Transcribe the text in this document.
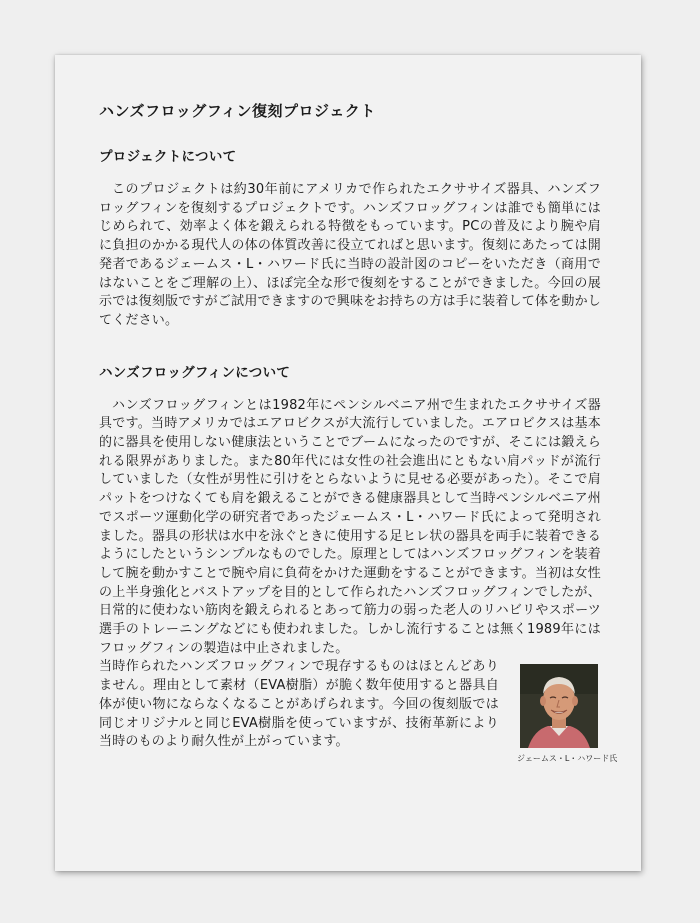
ハンズフロッグフィン復刻プロジェクト
プロジェクトについて

このプロジェクトは約30年前にアメリカで作られたエクササイズ器具、ハンズフロッグフィンを復刻するプロジェクトです。ハンズフロッグフィンは誰でも簡単にはじめられて、効率よく体を鍛えられる特徴をもっています。PCの普及により腕や肩に負担のかかる現代人の体の体質改善に役立てればと思います。復刻にあたっては開発者であるジェームス・L・ハワード氏に当時の設計図のコピーをいただき（商用ではないことをご理解の上）、ほぼ完全な形で復刻をすることができました。今回の展示では復刻版ですがご試用できますので興味をお持ちの方は手に装着して体を動かしてください。

ハンズフロッグフィンについて

ハンズフロッグフィンとは1982年にペンシルベニア州で生まれたエクササイズ器具です。当時アメリカではエアロビクスが大流行していました。エアロビクスは基本的に器具を使用しない健康法ということでブームになったのですが、そこには鍛えられる限界がありました。また80年代には女性の社会進出にともない肩パッドが流行していました（女性が男性に引けをとらないように見せる必要があった）。そこで肩パットをつけなくても肩を鍛えることができる健康器具として当時ペンシルベニア州でスポーツ運動化学の研究者であったジェームス・L・ハワード氏によって発明されました。器具の形状は水中を泳ぐときに使用する足ヒレ状の器具を両手に装着できるようにしたというシンプルなものでした。原理としてはハンズフロッグフィンを装着して腕を動かすことで腕や肩に負荷をかけた運動をすることができます。当初は女性の上半身強化とバストアップを目的として作られたハンズフロッグフィンでしたが、日常的に使わない筋肉を鍛えられるとあって筋力の弱った老人のリハビリやスポーツ選手のトレーニングなどにも使われました。しかし流行することは無く1989年にはフロッグフィンの製造は中止されました。

ジェームス・L・ハワード氏

当時作られたハンズフロッグフィンで現存するものはほとんどありません。理由として素材（EVA樹脂）が脆く数年使用すると器具自体が使い物にならなくなることがあげられます。今回の復刻版では同じオリジナルと同じEVA樹脂を使っていますが、技術革新により当時のものより耐久性が上がっています。
